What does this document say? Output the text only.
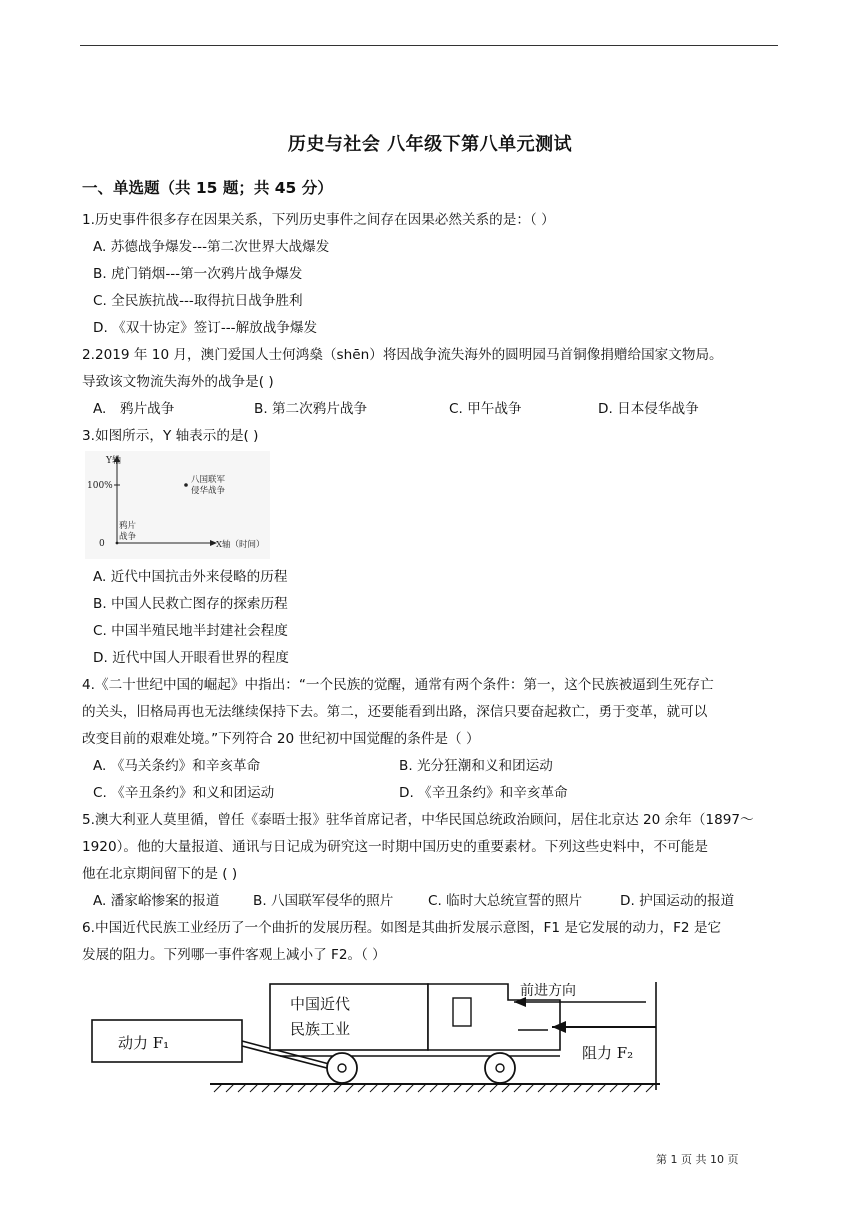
历史与社会 八年级下第八单元测试
一、单选题（共 15 题；共 45 分）
1.历史事件很多存在因果关系，下列历史事件之间存在因果必然关系的是：（ ）
A. 苏德战争爆发---第二次世界大战爆发
B. 虎门销烟---第一次鸦片战争爆发
C. 全民族抗战---取得抗日战争胜利
D. 《双十协定》签订---解放战争爆发
2.2019 年 10 月，澳门爱国人士何鸿燊（shēn）将因战争流失海外的圆明园马首铜像捐赠给国家文物局。
导致该文物流失海外的战争是( )
A.　鸦片战争	B. 第二次鸦片战争	C. 甲午战争	D. 日本侵华战争
3.如图所示，Y 轴表示的是( )
Y轴
100%
0
八国联军
侵华战争
鸦片
战争
X轴（时间）
A. 近代中国抗击外来侵略的历程
B. 中国人民救亡图存的探索历程
C. 中国半殖民地半封建社会程度
D. 近代中国人开眼看世界的程度
4.《二十世纪中国的崛起》中指出：“一个民族的觉醒，通常有两个条件：第一，这个民族被逼到生死存亡
的关头，旧格局再也无法继续保持下去。第二，还要能看到出路，深信只要奋起救亡，勇于变革，就可以
改变目前的艰难处境。”下列符合 20 世纪初中国觉醒的条件是（ ）
A. 《马关条约》和辛亥革命	B. 光分狂潮和义和团运动
C. 《辛丑条约》和义和团运动	D. 《辛丑条约》和辛亥革命
5.澳大利亚人莫里循，曾任《泰晤士报》驻华首席记者，中华民国总统政治顾问，居住北京达 20 余年（1897～
1920）。他的大量报道、通讯与日记成为研究这一时期中国历史的重要素材。下列这些史料中，不可能是
他在北京期间留下的是 ( )
A. 潘家峪惨案的报道 B. 八国联军侵华的照片	C. 临时大总统宣誓的照片	D. 护国运动的报道
6.中国近代民族工业经历了一个曲折的发展历程。如图是其曲折发展示意图，F1 是它发展的动力，F2 是它
发展的阻力。下列哪一事件客观上减小了 F2。（ ）
动力 F₁
中国近代
民族工业
前进方向
阻力 F₂
第 1 页 共 10 页
